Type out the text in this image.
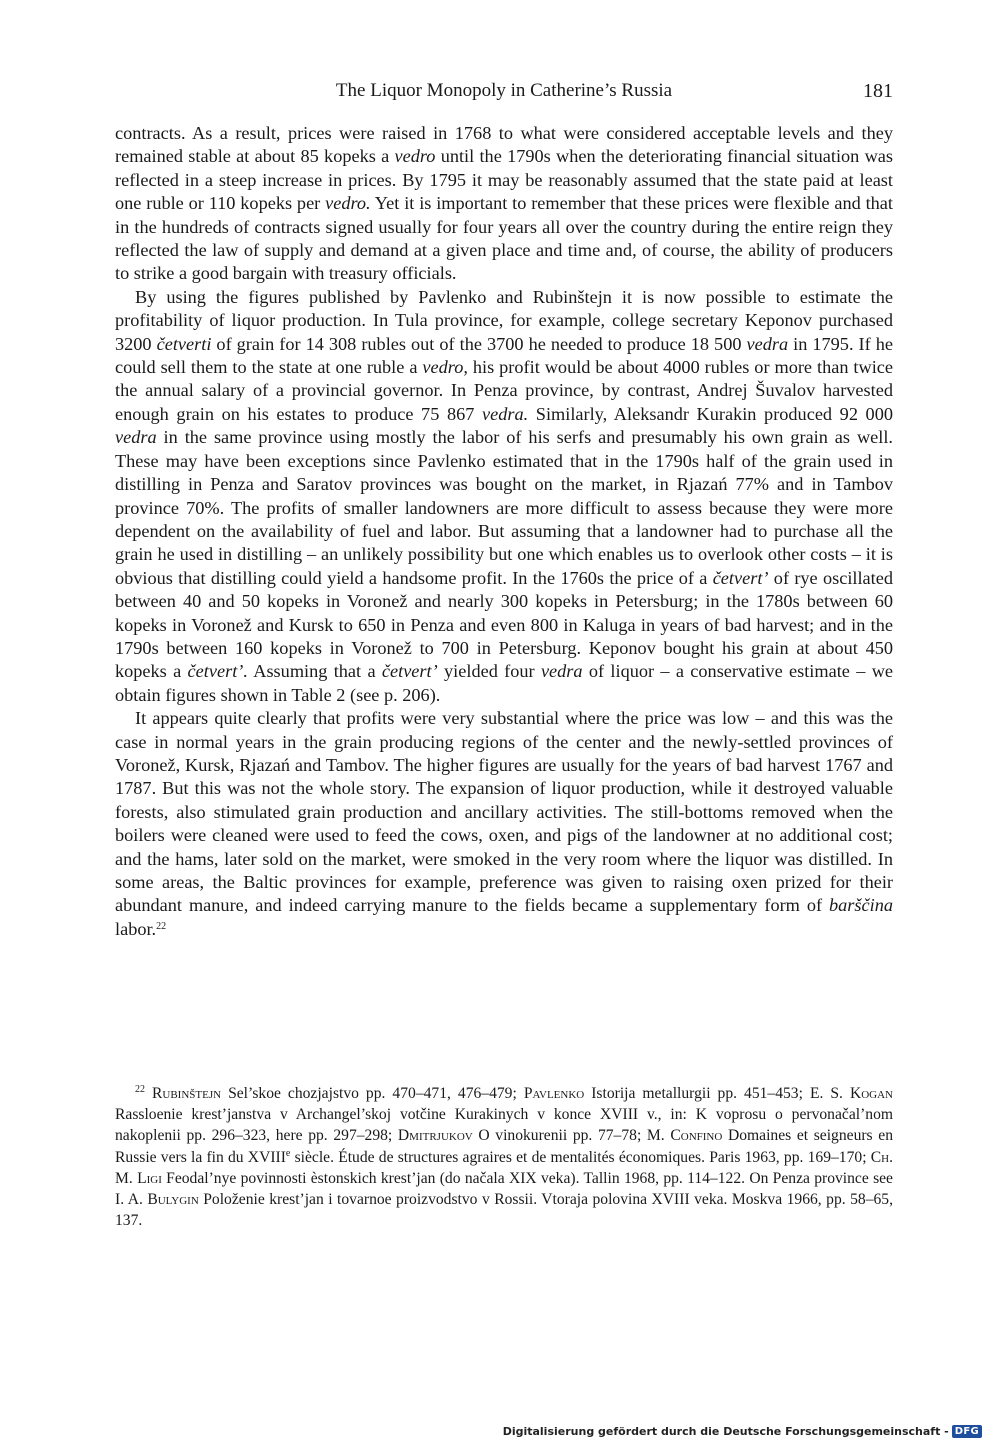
The Liquor Monopoly in Catherine’s Russia	181

contracts. As a result, prices were raised in 1768 to what were considered acceptable levels and they remained stable at about 85 kopeks a vedro until the 1790s when the deteriorating financial situation was reflected in a steep increase in prices. By 1795 it may be reasonably assumed that the state paid at least one ruble or 110 kopeks per vedro. Yet it is important to remember that these prices were flexible and that in the hundreds of contracts signed usually for four years all over the country during the entire reign they reflected the law of supply and demand at a given place and time and, of course, the ability of producers to strike a good bargain with treasury officials.

By using the figures published by Pavlenko and Rubinštejn it is now possible to estimate the profitability of liquor production. In Tula province, for example, college secretary Keponov purchased 3200 četverti of grain for 14 308 rubles out of the 3700 he needed to produce 18 500 vedra in 1795. If he could sell them to the state at one ruble a vedro, his profit would be about 4000 rubles or more than twice the annual salary of a provincial governor. In Penza province, by contrast, Andrej Šuvalov harvested enough grain on his estates to produce 75 867 vedra. Similarly, Aleksandr Kurakin produced 92 000 vedra in the same province using mostly the labor of his serfs and presumably his own grain as well. These may have been exceptions since Pavlenko estimated that in the 1790s half of the grain used in distilling in Penza and Saratov provinces was bought on the market, in Rjazań 77% and in Tambov province 70%. The profits of smaller landowners are more difficult to assess because they were more dependent on the availability of fuel and labor. But assuming that a landowner had to purchase all the grain he used in distilling – an unlikely possibility but one which enables us to overlook other costs – it is obvious that distilling could yield a handsome profit. In the 1760s the price of a četvert’ of rye oscillated between 40 and 50 kopeks in Voronež and nearly 300 kopeks in Petersburg; in the 1780s between 60 kopeks in Voronež and Kursk to 650 in Penza and even 800 in Kaluga in years of bad harvest; and in the 1790s between 160 kopeks in Voronež to 700 in Petersburg. Keponov bought his grain at about 450 kopeks a četvert’. Assuming that a četvert’ yielded four vedra of liquor – a conservative estimate – we obtain figures shown in Table 2 (see p. 206).

It appears quite clearly that profits were very substantial where the price was low – and this was the case in normal years in the grain producing regions of the center and the newly-settled provinces of Voronež, Kursk, Rjazań and Tambov. The higher figures are usually for the years of bad harvest 1767 and 1787. But this was not the whole story. The expansion of liquor production, while it destroyed valuable forests, also stimulated grain production and ancillary activities. The still-bottoms removed when the boilers were cleaned were used to feed the cows, oxen, and pigs of the landowner at no additional cost; and the hams, later sold on the market, were smoked in the very room where the liquor was distilled. In some areas, the Baltic provinces for example, preference was given to raising oxen prized for their abundant manure, and indeed carrying manure to the fields became a supplementary form of barščina labor.$^{22}$

$^{22}$ Rubinštejn Sel’skoe chozjajstvo pp. 470–471, 476–479; Pavlenko Istorija metallurgii pp. 451–453; E. S. Kogan Rassloenie krest’janstva v Archangel’skoj votčine Kurakinych v konce XVIII v., in: K voprosu o pervonačal’nom nakoplenii pp. 296–323, here pp. 297–298; Dmitrjukov O vinokurenii pp. 77–78; M. Confino Domaines et seigneurs en Russie vers la fin du XVIIIe siècle. Étude de structures agraires et de mentalités économiques. Paris 1963, pp. 169–170; Ch. M. Ligi Feodal’nye povinnosti èstonskich krest’jan (do načala XIX veka). Tallin 1968, pp. 114–122. On Penza province see I. A. Bulygin Položenie krest’jan i tovarnoe proizvodstvo v Rossii. Vtoraja polovina XVIII veka. Moskva 1966, pp. 58–65, 137.

Digitalisierung gefördert durch die Deutsche Forschungsgemeinschaft - DFG
